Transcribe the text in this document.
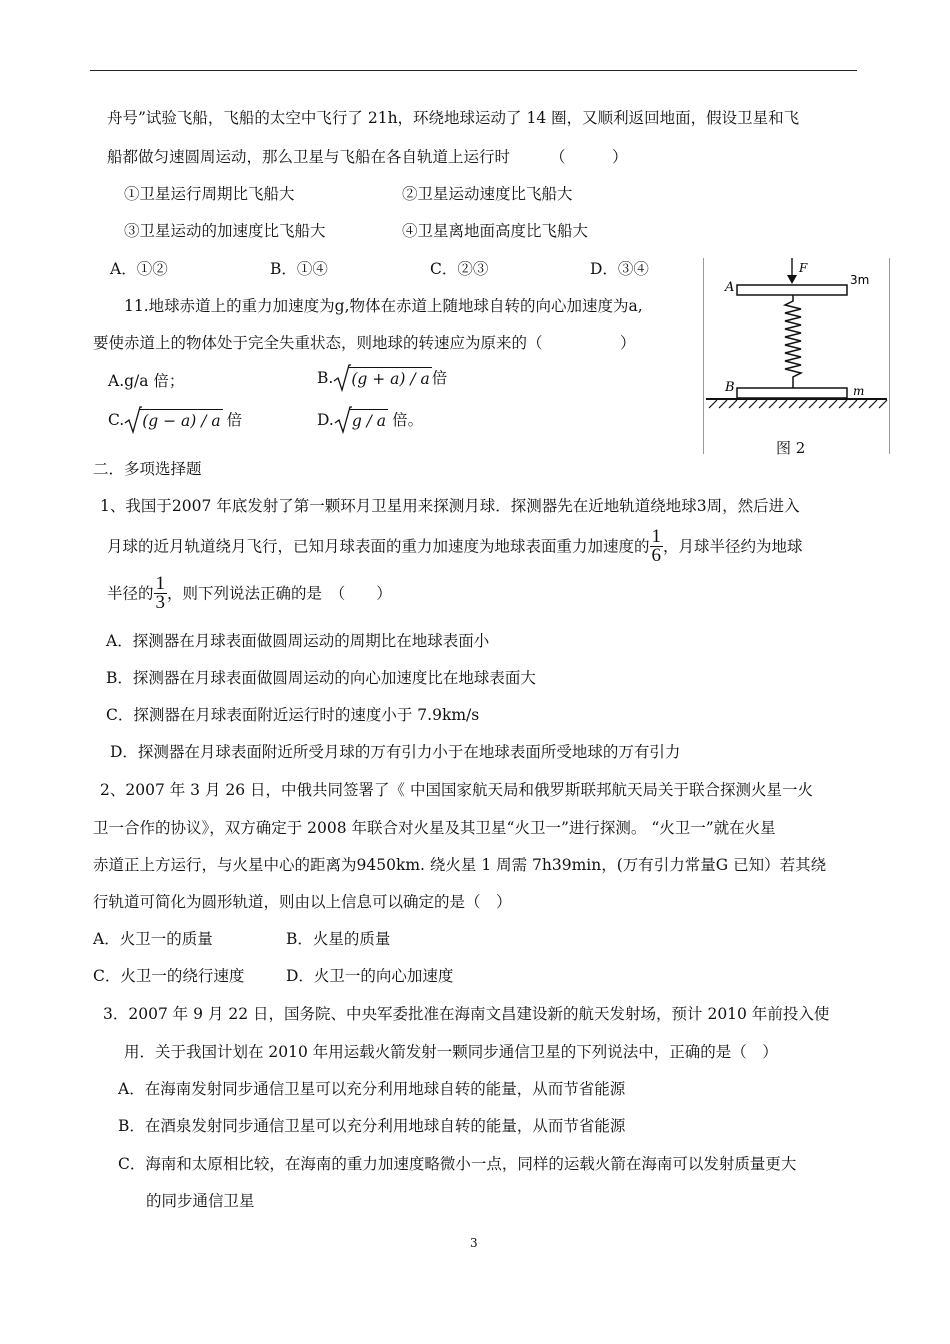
舟号”试验飞船，飞船的太空中飞行了 21h，环绕地球运动了 14 圈，又顺利返回地面，假设卫星和飞
船都做匀速圆周运动，那么卫星与飞船在各自轨道上运行时	（　　　）
①卫星运行周期比飞船大	②卫星运动速度比飞船大
③卫星运动的加速度比飞船大	④卫星离地面高度比飞船大
A．①②	B．①④	C．②③	D．③④
11.地球赤道上的重力加速度为g,物体在赤道上随地球自转的向心加速度为a,
要使赤道上的物体处于完全失重状态，则地球的转速应为原来的（　　　　　）
A.g/a 倍；	B. (g + a) / a 倍
C. (g − a) / a 倍	D. g / a 倍。
F
A	3m
B	m
图 2
二．多项选择题
1、我国于2007 年底发射了第一颗环月卫星用来探测月球．探测器先在近地轨道绕地球3周，然后进入
月球的近月轨道绕月飞行，已知月球表面的重力加速度为地球表面重力加速度的 $\frac{1}{6}$ ，月球半径约为地球
半径的 $\frac{1}{3}$ ，则下列说法正确的是　（　　）
A．探测器在月球表面做圆周运动的周期比在地球表面小
B．探测器在月球表面做圆周运动的向心加速度比在地球表面大
C．探测器在月球表面附近运行时的速度小于 7.9km/s
D．探测器在月球表面附近所受月球的万有引力小于在地球表面所受地球的万有引力
2、2007 年 3 月 26 日，中俄共同签署了《 中国国家航天局和俄罗斯联邦航天局关于联合探测火星一火
卫一合作的协议》，双方确定于 2008 年联合对火星及其卫星“火卫一”进行探测。 “火卫一”就在火星
赤道正上方运行，与火星中心的距离为9450km. 绕火星 1 周需 7h39min，(万有引力常量G 已知）若其绕
行轨道可简化为圆形轨道，则由以上信息可以确定的是（　）
A．火卫一的质量	B．火星的质量
C．火卫一的绕行速度	D．火卫一的向心加速度
3．2007 年 9 月 22 日，国务院、中央军委批准在海南文昌建设新的航天发射场，预计 2010 年前投入使
用．关于我国计划在 2010 年用运载火箭发射一颗同步通信卫星的下列说法中，正确的是（　）
A．在海南发射同步通信卫星可以充分利用地球自转的能量，从而节省能源
B．在酒泉发射同步通信卫星可以充分利用地球自转的能量，从而节省能源
C．海南和太原相比较，在海南的重力加速度略微小一点，同样的运载火箭在海南可以发射质量更大
的同步通信卫星
3
